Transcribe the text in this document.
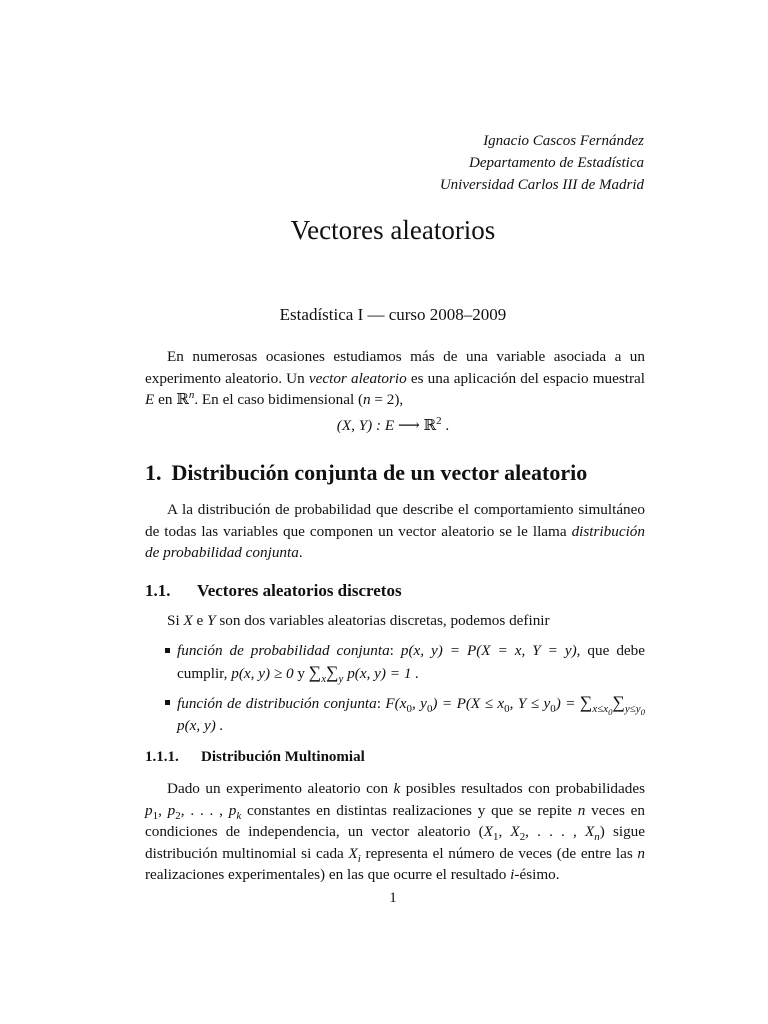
Ignacio Cascos Fernández
Departamento de Estadística
Universidad Carlos III de Madrid
Vectores aleatorios
Estadística I — curso 2008–2009

En numerosas ocasiones estudiamos más de una variable asociada a un experimento aleatorio. Un vector aleatorio es una aplicación del espacio muestral E en ℝ$^n$. En el caso bidimensional (n = 2),

(X, Y) : E ⟶ ℝ$^2$ .
1. Distribución conjunta de un vector aleatorio

A la distribución de probabilidad que describe el comportamiento simultáneo de todas las variables que componen un vector aleatorio se le llama distribución de probabilidad conjunta.

1.1. Vectores aleatorios discretos

Si X e Y son dos variables aleatorias discretas, podemos definir

función de probabilidad conjunta: p(x, y) = P(X = x, Y = y), que debe cumplir, p(x, y) ≥ 0 y $\sum_x\sum_y$ p(x, y) = 1 .
función de distribución conjunta: $F(x_0$, $y_0) = P(X \le x_0$, $Y \le y_0) = \sum_{x\le x_0}\sum_{y\le y_0}$ p(x, y) .
1.1.1. Distribución Multinomial

Dado un experimento aleatorio con k posibles resultados con probabilidades $p_1$, $p_2$, . . . , $p_k$ constantes en distintas realizaciones y que se repite n veces en condiciones de independencia, un vector aleatorio ($X_1$, $X_2$, . . . , $X_n$) sigue distribución multinomial si cada $X_i$ representa el número de veces (de entre las n realizaciones experimentales) en las que ocurre el resultado i-ésimo.

1
